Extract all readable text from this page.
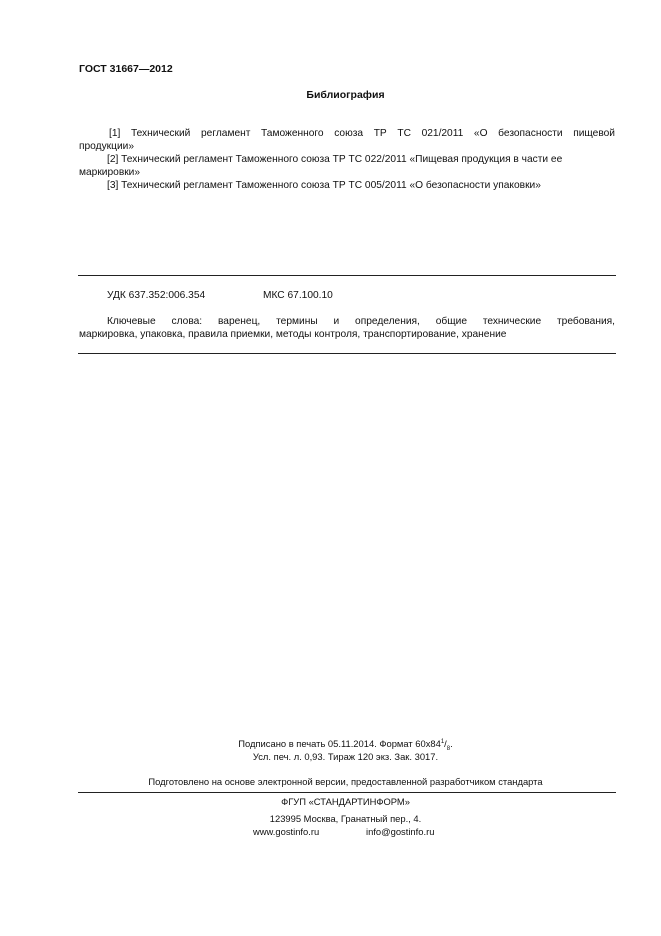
ГОСТ 31667—2012
Библиография
[1] Технический регламент Таможенного союза ТР ТС 021/2011 «О безопасности пищевой
продукции»
[2] Технический регламент Таможенного союза ТР ТС 022/2011 «Пищевая продукция в части ее
маркировки»
[3] Технический регламент Таможенного союза ТР ТС 005/2011 «О безопасности упаковки»
УДК 637.352:006.354	МКС 67.100.10
Ключевые слова: варенец, термины и определения, общие технические требования,
маркировка, упаковка, правила приемки, методы контроля, транспортирование, хранение
Подписано в печать 05.11.2014. Формат $60x84^1/_8$.
Усл. печ. л. 0,93. Тираж 120 экз. Зак. 3017.
Подготовлено на основе электронной версии, предоставленной разработчиком стандарта
ФГУП «СТАНДАРТИНФОРМ»
123995 Москва, Гранатный пер., 4.
www.gostinfo.ru	info@gostinfo.ru
